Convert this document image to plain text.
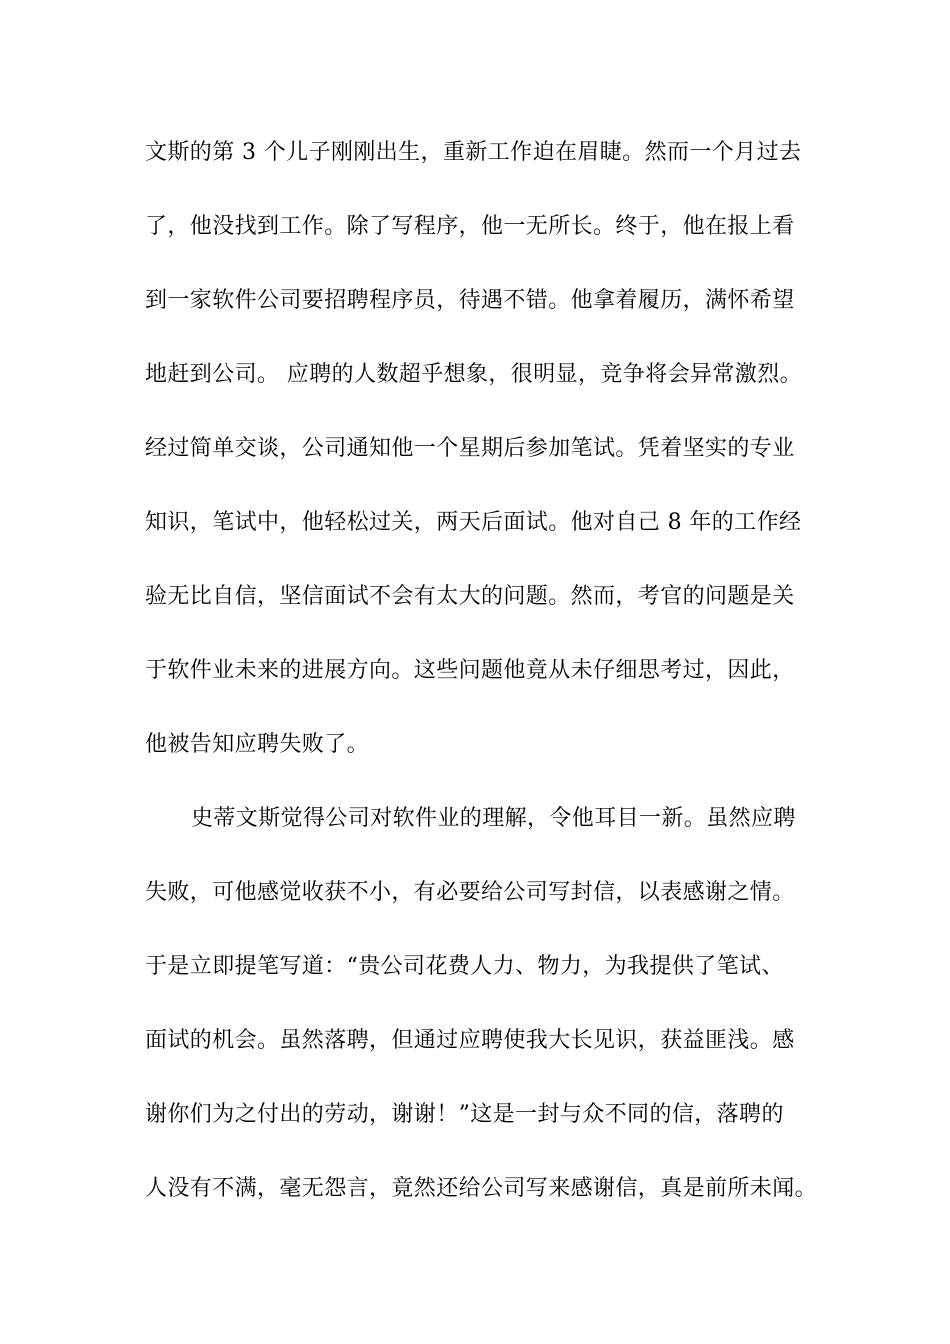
文斯的第 3 个儿子刚刚出生，重新工作迫在眉睫。然而一个月过去
了，他没找到工作。除了写程序，他一无所长。终于，他在报上看
到一家软件公司要招聘程序员，待遇不错。他拿着履历，满怀希望
地赶到公司。 应聘的人数超乎想象，很明显，竞争将会异常激烈。
经过简单交谈，公司通知他一个星期后参加笔试。凭着坚实的专业
知识，笔试中，他轻松过关，两天后面试。他对自己 8 年的工作经
验无比自信，坚信面试不会有太大的问题。然而，考官的问题是关
于软件业未来的进展方向。这些问题他竟从未仔细思考过，因此，
他被告知应聘失败了。
史蒂文斯觉得公司对软件业的理解，令他耳目一新。虽然应聘
失败，可他感觉收获不小，有必要给公司写封信，以表感谢之情。
于是立即提笔写道：“贵公司花费人力、物力，为我提供了笔试、
面试的机会。虽然落聘，但通过应聘使我大长见识，获益匪浅。感
谢你们为之付出的劳动，谢谢！”这是一封与众不同的信，落聘的
人没有不满，毫无怨言，竟然还给公司写来感谢信，真是前所未闻。
